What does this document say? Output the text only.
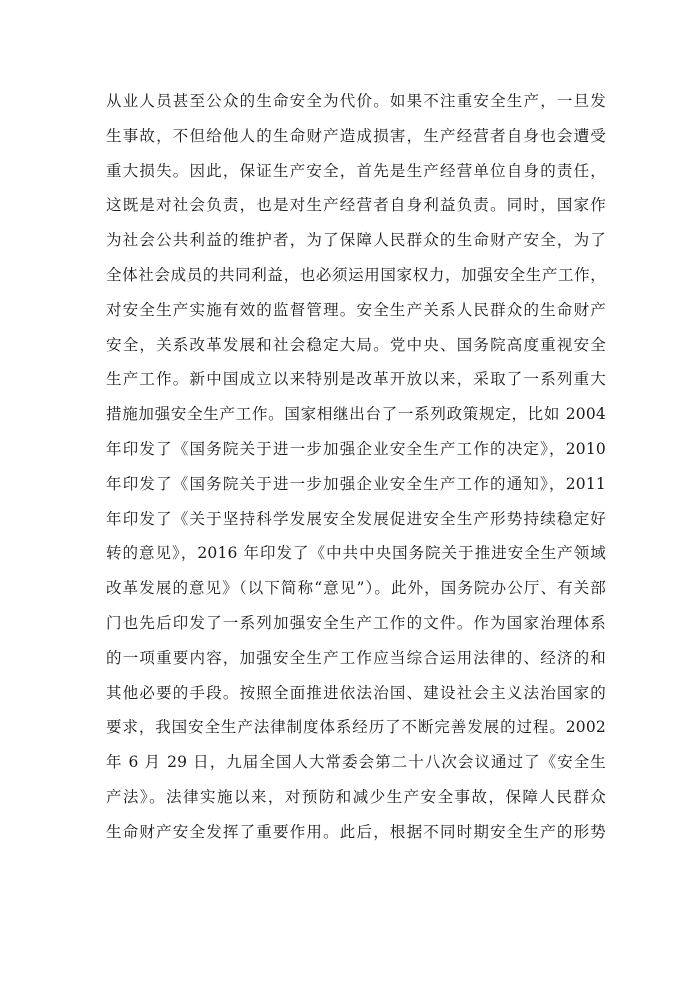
从业人员甚至公众的生命安全为代价。如果不注重安全生产，一旦发
生事故，不但给他人的生命财产造成损害，生产经营者自身也会遭受
重大损失。因此，保证生产安全，首先是生产经营单位自身的责任，
这既是对社会负责，也是对生产经营者自身利益负责。同时，国家作
为社会公共利益的维护者，为了保障人民群众的生命财产安全，为了
全体社会成员的共同利益，也必须运用国家权力，加强安全生产工作，
对安全生产实施有效的监督管理。安全生产关系人民群众的生命财产
安全，关系改革发展和社会稳定大局。党中央、国务院高度重视安全
生产工作。新中国成立以来特别是改革开放以来，采取了一系列重大
措施加强安全生产工作。国家相继出台了一系列政策规定，比如 2004
年印发了《国务院关于进一步加强企业安全生产工作的决定》，2010
年印发了《国务院关于进一步加强企业安全生产工作的通知》，2011
年印发了《关于坚持科学发展安全发展促进安全生产形势持续稳定好
转的意见》，2016 年印发了《中共中央国务院关于推进安全生产领域
改革发展的意见》（以下简称“意见”）。此外，国务院办公厅、有关部
门也先后印发了一系列加强安全生产工作的文件。作为国家治理体系
的一项重要内容，加强安全生产工作应当综合运用法律的、经济的和
其他必要的手段。按照全面推进依法治国、建设社会主义法治国家的
要求，我国安全生产法律制度体系经历了不断完善发展的过程。2002
年 6 月 29 日，九届全国人大常委会第二十八次会议通过了《安全生
产法》。法律实施以来，对预防和减少生产安全事故，保障人民群众
生命财产安全发挥了重要作用。此后，根据不同时期安全生产的形势
